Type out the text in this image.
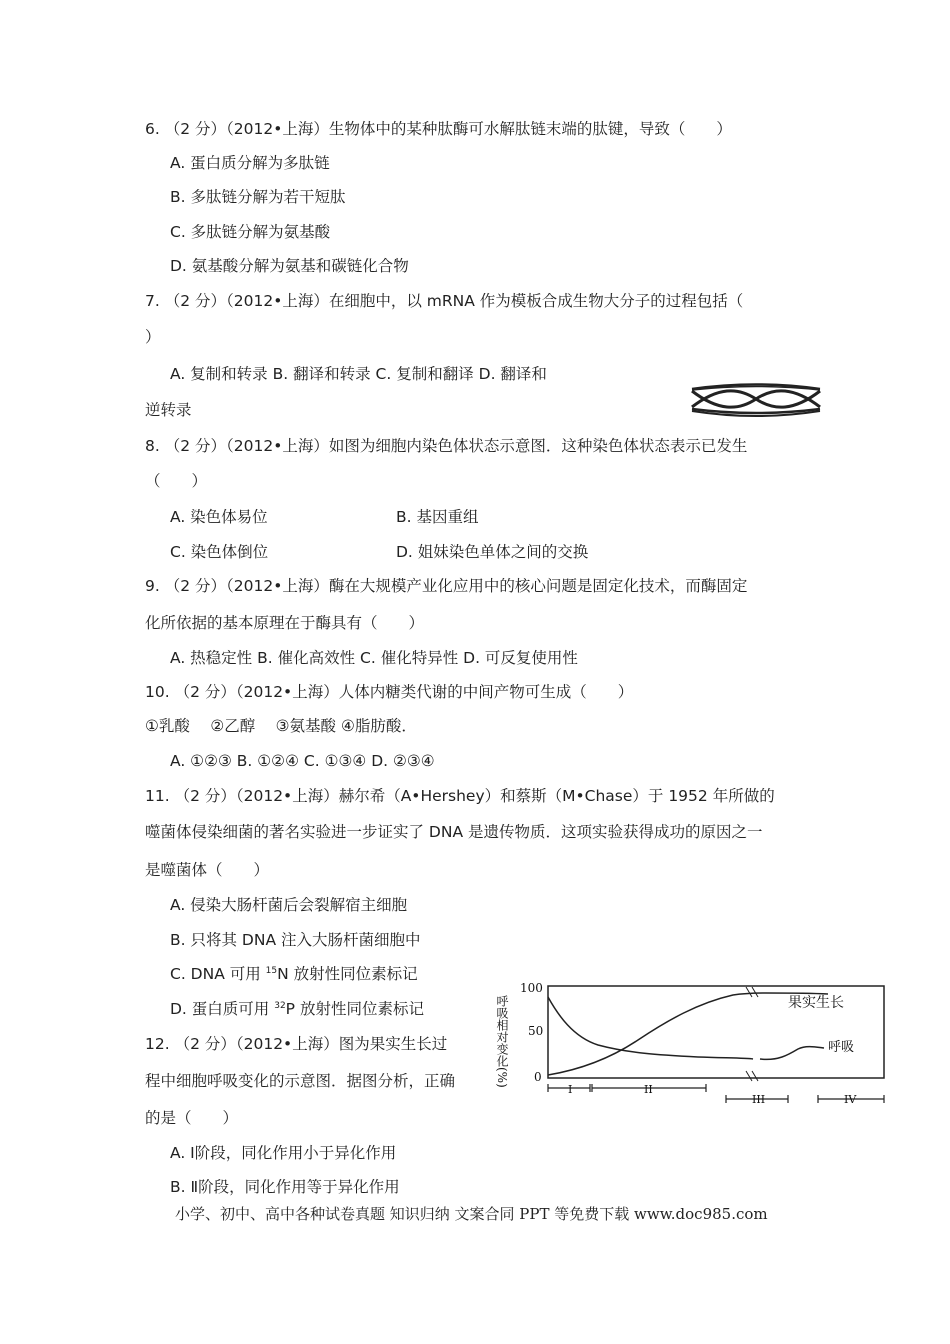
6. （2 分）（2012•上海）生物体中的某种肽酶可水解肽链末端的肽键，导致（　　）
A. 蛋白质分解为多肽链
B. 多肽链分解为若干短肽
C. 多肽链分解为氨基酸
D. 氨基酸分解为氨基和碳链化合物
7. （2 分）（2012•上海）在细胞中，以 mRNA 作为模板合成生物大分子的过程包括（
）
A. 复制和转录 B. 翻译和转录 C. 复制和翻译 D. 翻译和
逆转录
8. （2 分）（2012•上海）如图为细胞内染色体状态示意图．这种染色体状态表示已发生
（　　）
A. 染色体易位	B. 基因重组
C. 染色体倒位	D. 姐妹染色单体之间的交换
9. （2 分）（2012•上海）酶在大规模产业化应用中的核心问题是固定化技术，而酶固定
化所依据的基本原理在于酶具有（　　）
A. 热稳定性 B. 催化高效性 C. 催化特异性 D. 可反复使用性
10. （2 分）（2012•上海）人体内糖类代谢的中间产物可生成（　　）
①乳酸　 ②乙醇　 ③氨基酸 ④脂肪酸．
A. ①②③ B. ①②④ C. ①③④ D. ②③④
11. （2 分）（2012•上海）赫尔希（A•Hershey）和蔡斯（M•Chase）于 1952 年所做的
噬菌体侵染细菌的著名实验进一步证实了 DNA 是遗传物质．这项实验获得成功的原因之一
是噬菌体（　　）
A. 侵染大肠杆菌后会裂解宿主细胞
B. 只将其 DNA 注入大肠杆菌细胞中
C. DNA 可用 $^{15}$N 放射性同位素标记
D. 蛋白质可用 $^{32}$P 放射性同位素标记
12. （2 分）（2012•上海）图为果实生长过
程中细胞呼吸变化的示意图．据图分析，正确
的是（　　）
A. Ⅰ阶段，同化作用小于异化作用
B. Ⅱ阶段，同化作用等于异化作用
呼吸相对变化(%)
100
50
0
果实生长
呼吸
I	II
III	IV
小学、初中、高中各种试卷真题 知识归纳 文案合同 PPT 等免费下载 www.doc985.com
